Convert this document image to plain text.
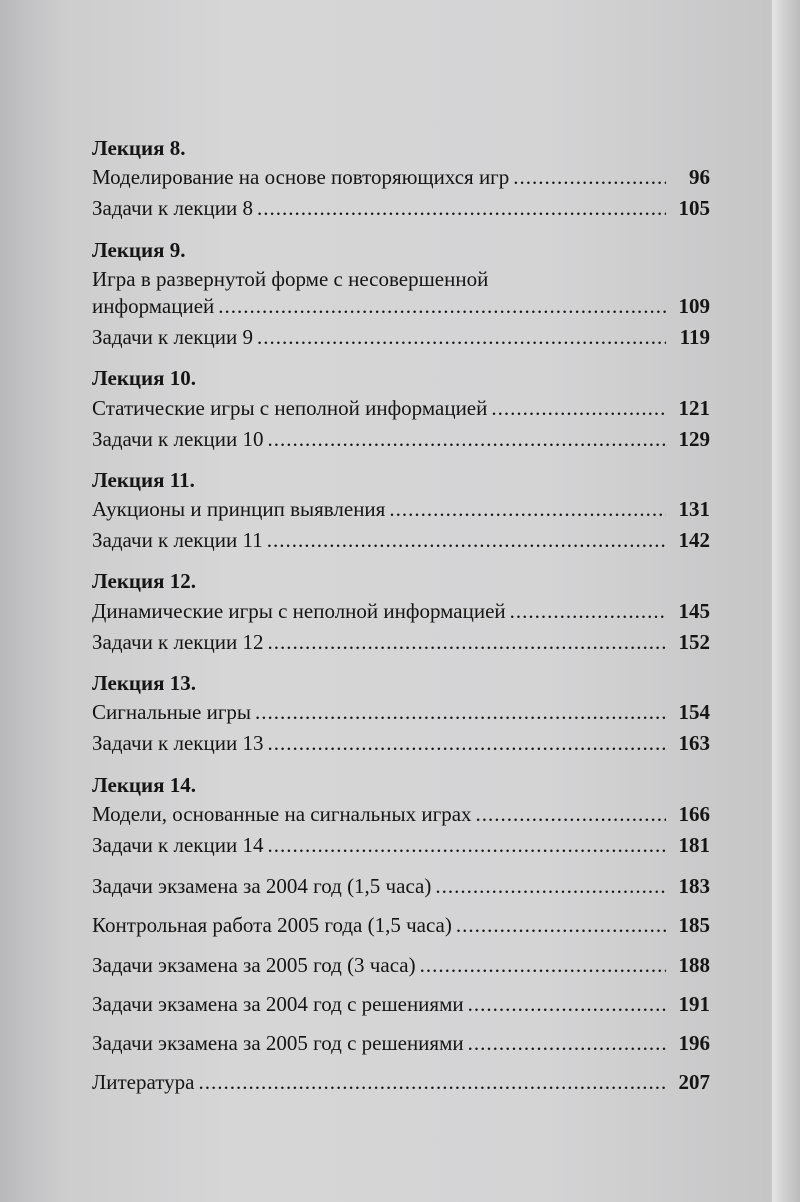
Лекция 8.
Моделирование на основе повторяющихся игр .....	96
Задачи к лекции 8 .....	105
Лекция 9.
Игра в развернутой форме с несовершенной
информацией .....	109
Задачи к лекции 9 .....	119
Лекция 10.
Статические игры с неполной информацией .....	121
Задачи к лекции 10 .....	129
Лекция 11.
Аукционы и принцип выявления .....	131
Задачи к лекции 11 .....	142
Лекция 12.
Динамические игры с неполной информацией .....	145
Задачи к лекции 12 .....	152
Лекция 13.
Сигнальные игры .....	154
Задачи к лекции 13 .....	163
Лекция 14.
Модели, основанные на сигнальных играх .....	166
Задачи к лекции 14 .....	181
Задачи экзамена за 2004 год (1,5 часа) .....	183
Контрольная работа 2005 года (1,5 часа) .....	185
Задачи экзамена за 2005 год (3 часа) .....	188
Задачи экзамена за 2004 год с решениями .....	191
Задачи экзамена за 2005 год с решениями .....	196
Литература .....	207
